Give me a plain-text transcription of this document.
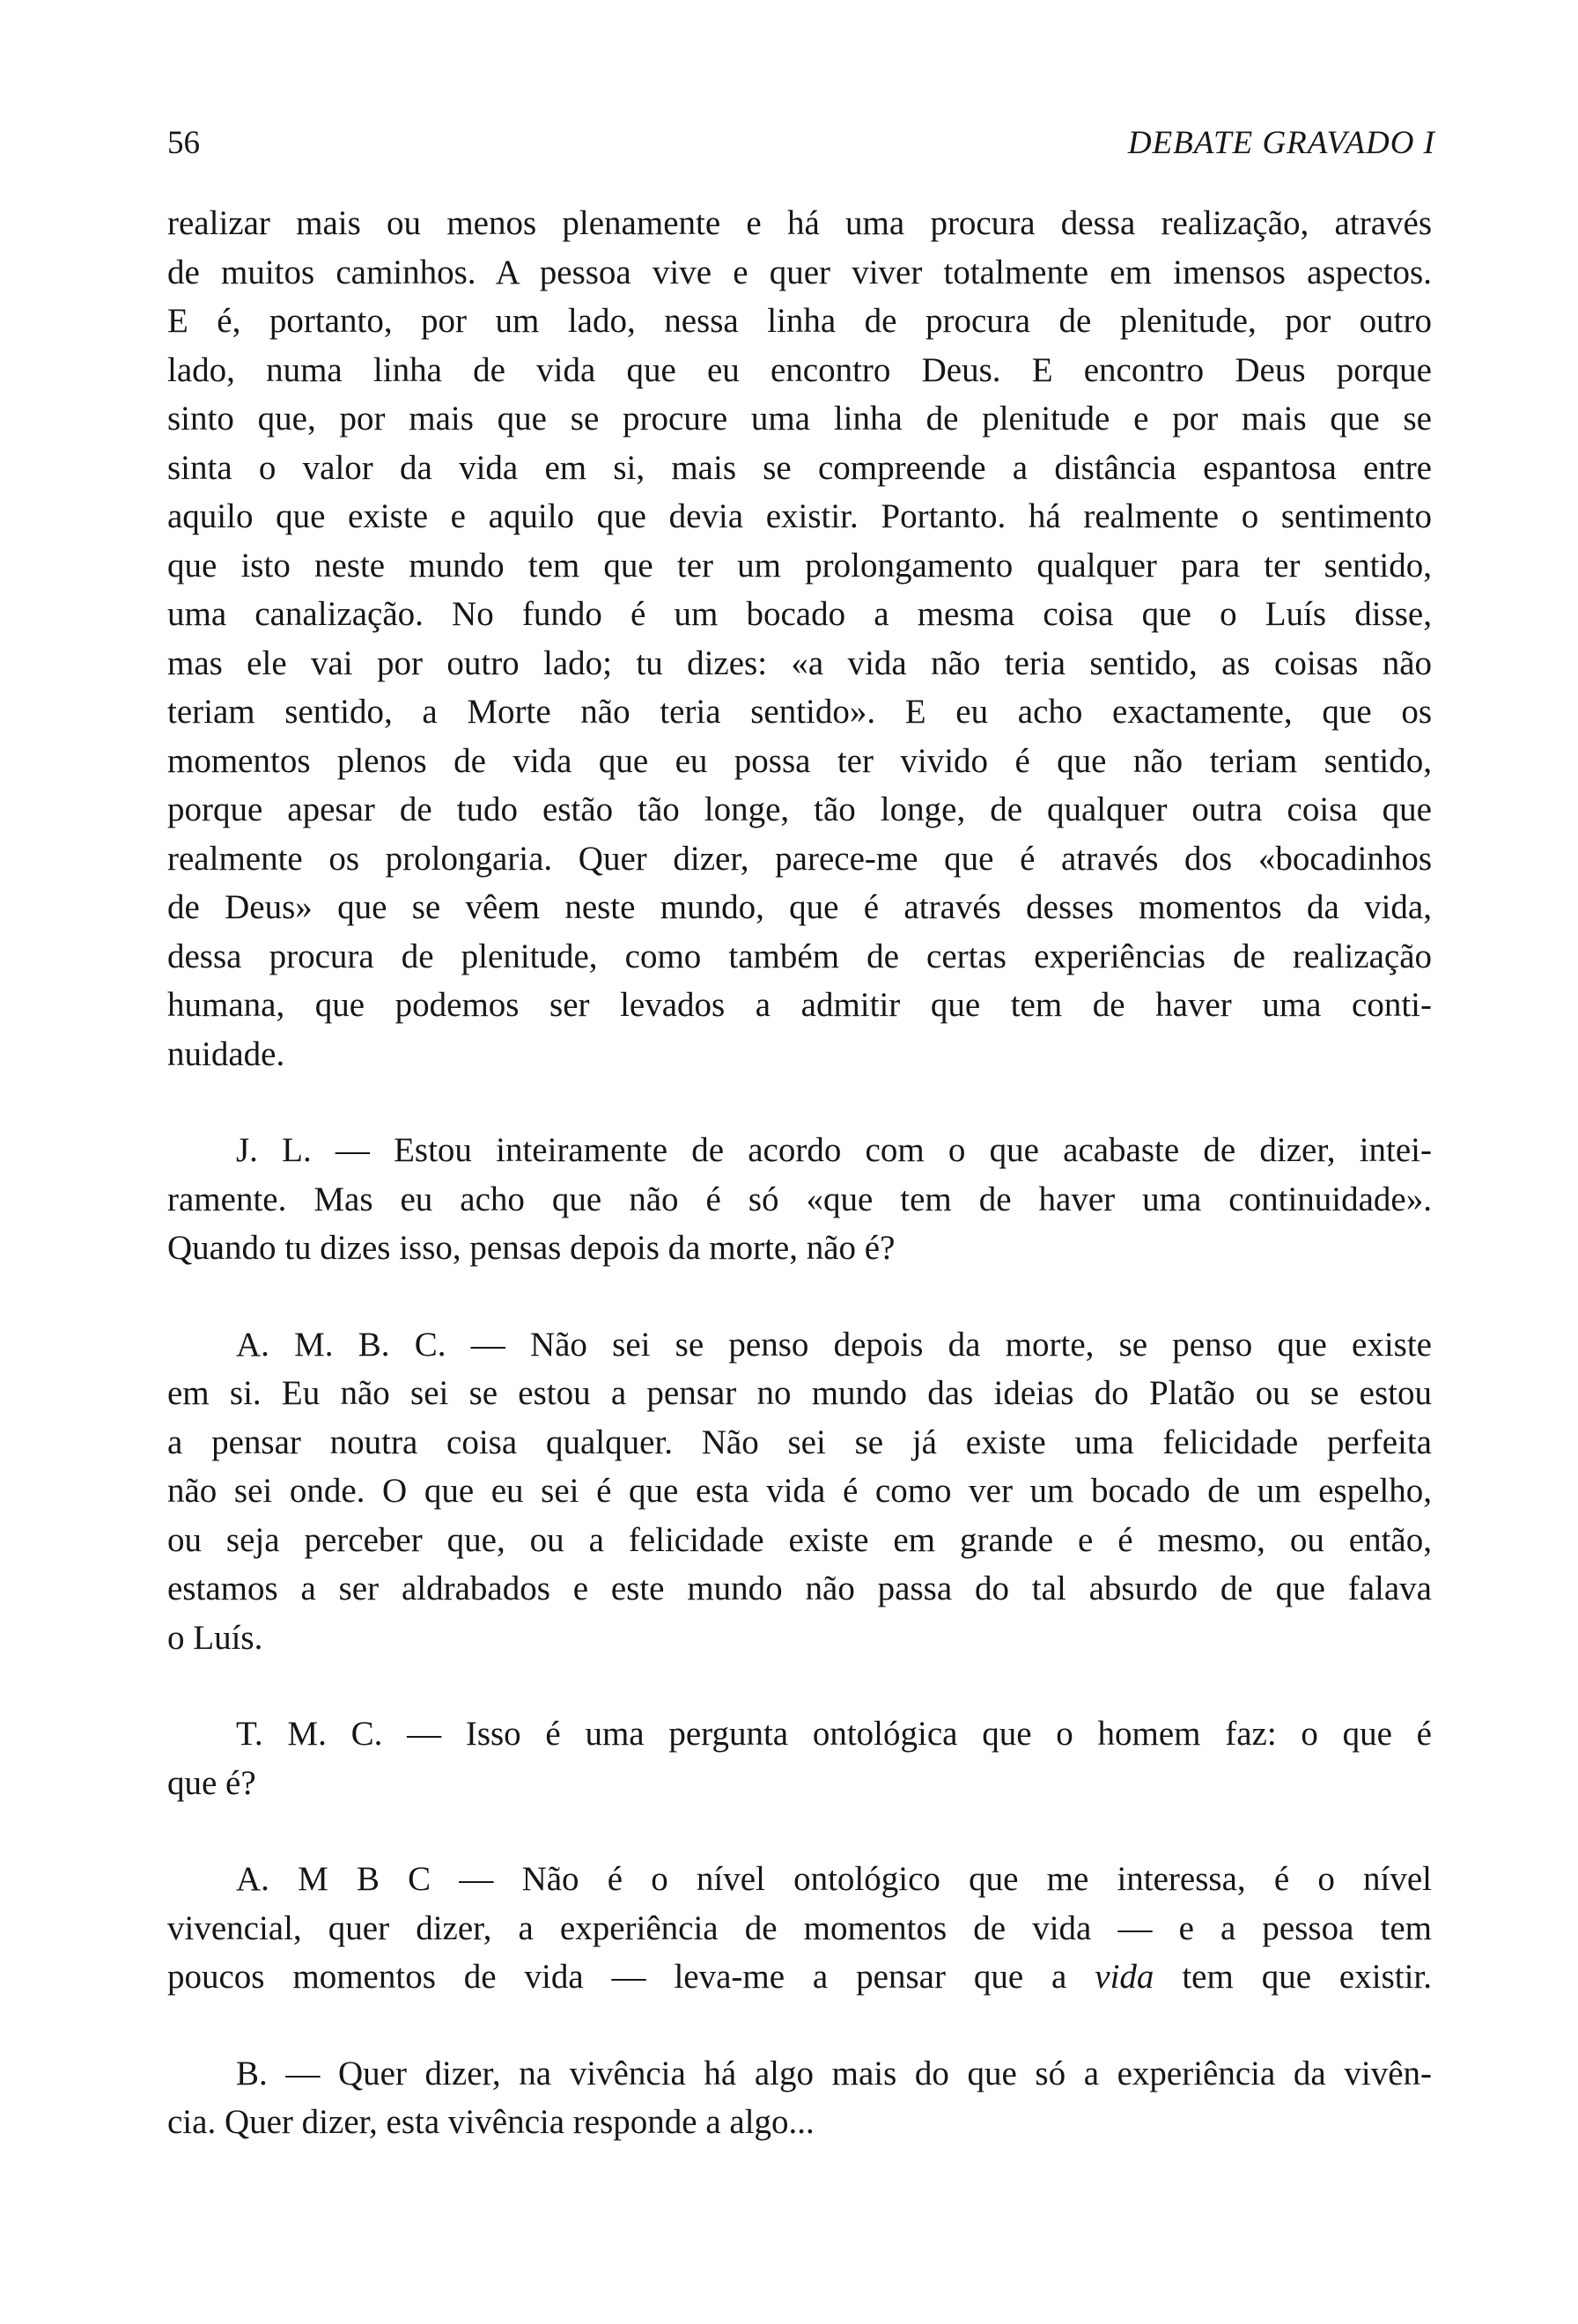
56	DEBATE GRAVADO I
realizar mais ou menos plenamente e há uma procura dessa realização, através
de muitos caminhos. A pessoa vive e quer viver totalmente em imensos aspectos.
E é, portanto, por um lado, nessa linha de procura de plenitude, por outro
lado, numa linha de vida que eu encontro Deus. E encontro Deus porque
sinto que, por mais que se procure uma linha de plenitude e por mais que se
sinta o valor da vida em si, mais se compreende a distância espantosa entre
aquilo que existe e aquilo que devia existir. Portanto. há realmente o sentimento
que isto neste mundo tem que ter um prolongamento qualquer para ter sentido,
uma canalização. No fundo é um bocado a mesma coisa que o Luís disse,
mas ele vai por outro lado; tu dizes: «a vida não teria sentido, as coisas não
teriam sentido, a Morte não teria sentido». E eu acho exactamente, que os
momentos plenos de vida que eu possa ter vivido é que não teriam sentido,
porque apesar de tudo estão tão longe, tão longe, de qualquer outra coisa que
realmente os prolongaria. Quer dizer, parece-me que é através dos «bocadinhos
de Deus» que se vêem neste mundo, que é através desses momentos da vida,
dessa procura de plenitude, como também de certas experiências de realização
humana, que podemos ser levados a admitir que tem de haver uma conti-
nuidade.
J. L. — Estou inteiramente de acordo com o que acabaste de dizer, intei-
ramente. Mas eu acho que não é só «que tem de haver uma continuidade».
Quando tu dizes isso, pensas depois da morte, não é?
A. M. B. C. — Não sei se penso depois da morte, se penso que existe
em si. Eu não sei se estou a pensar no mundo das ideias do Platão ou se estou
a pensar noutra coisa qualquer. Não sei se já existe uma felicidade perfeita
não sei onde. O que eu sei é que esta vida é como ver um bocado de um espelho,
ou seja perceber que, ou a felicidade existe em grande e é mesmo, ou então,
estamos a ser aldrabados e este mundo não passa do tal absurdo de que falava
o Luís.
T. M. C. — Isso é uma pergunta ontológica que o homem faz: o que é
que é?
A. M B C — Não é o nível ontológico que me interessa, é o nível
vivencial, quer dizer, a experiência de momentos de vida — e a pessoa tem
poucos momentos de vida — leva-me a pensar que a vida tem que existir.
B. — Quer dizer, na vivência há algo mais do que só a experiência da vivên-
cia. Quer dizer, esta vivência responde a algo...
